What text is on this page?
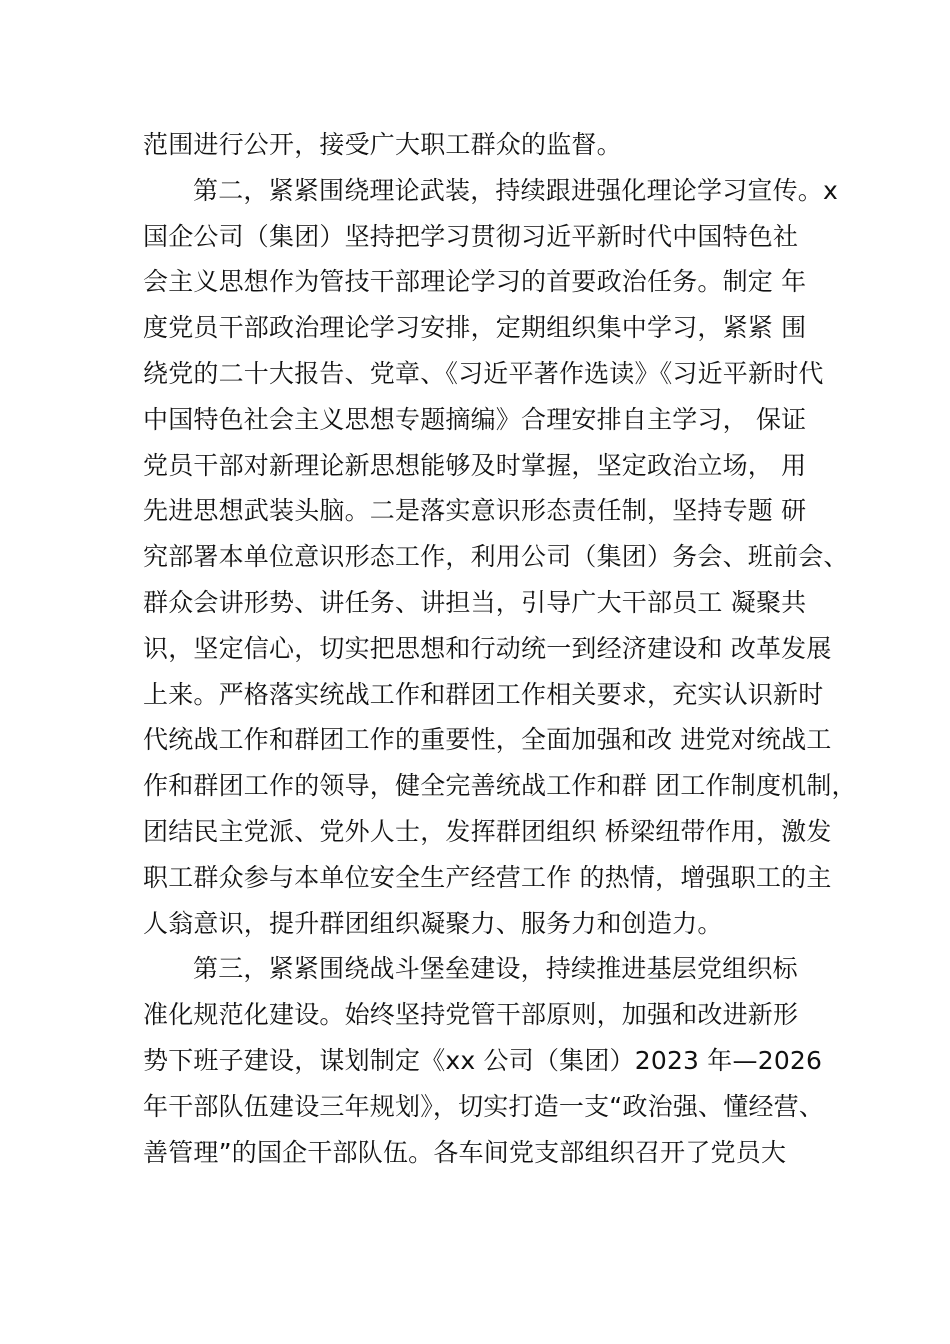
范围进行公开，接受广大职工群众的监督。
第二，紧紧围绕理论武装，持续跟进强化理论学习宣传。x
国企公司（集团）坚持把学习贯彻习近平新时代中国特色社
会主义思想作为管技干部理论学习的首要政治任务。制定 年
度党员干部政治理论学习安排，定期组织集中学习，紧紧 围
绕党的二十大报告、党章、《习近平著作选读》《习近平新时代
中国特色社会主义思想专题摘编》合理安排自主学习， 保证
党员干部对新理论新思想能够及时掌握，坚定政治立场， 用
先进思想武装头脑。二是落实意识形态责任制，坚持专题 研
究部署本单位意识形态工作，利用公司（集团）务会、班前会、
群众会讲形势、讲任务、讲担当，引导广大干部员工 凝聚共
识，坚定信心，切实把思想和行动统一到经济建设和 改革发展
上来。严格落实统战工作和群团工作相关要求，充实认识新时
代统战工作和群团工作的重要性，全面加强和改 进党对统战工
作和群团工作的领导，健全完善统战工作和群 团工作制度机制，
团结民主党派、党外人士，发挥群团组织 桥梁纽带作用，激发
职工群众参与本单位安全生产经营工作 的热情，增强职工的主
人翁意识，提升群团组织凝聚力、服务力和创造力。
第三，紧紧围绕战斗堡垒建设，持续推进基层党组织标
准化规范化建设。始终坚持党管干部原则，加强和改进新形
势下班子建设，谋划制定《xx 公司（集团）2023 年—2026
年干部队伍建设三年规划》，切实打造一支“政治强、懂经营、
善管理”的国企干部队伍。各车间党支部组织召开了党员大
